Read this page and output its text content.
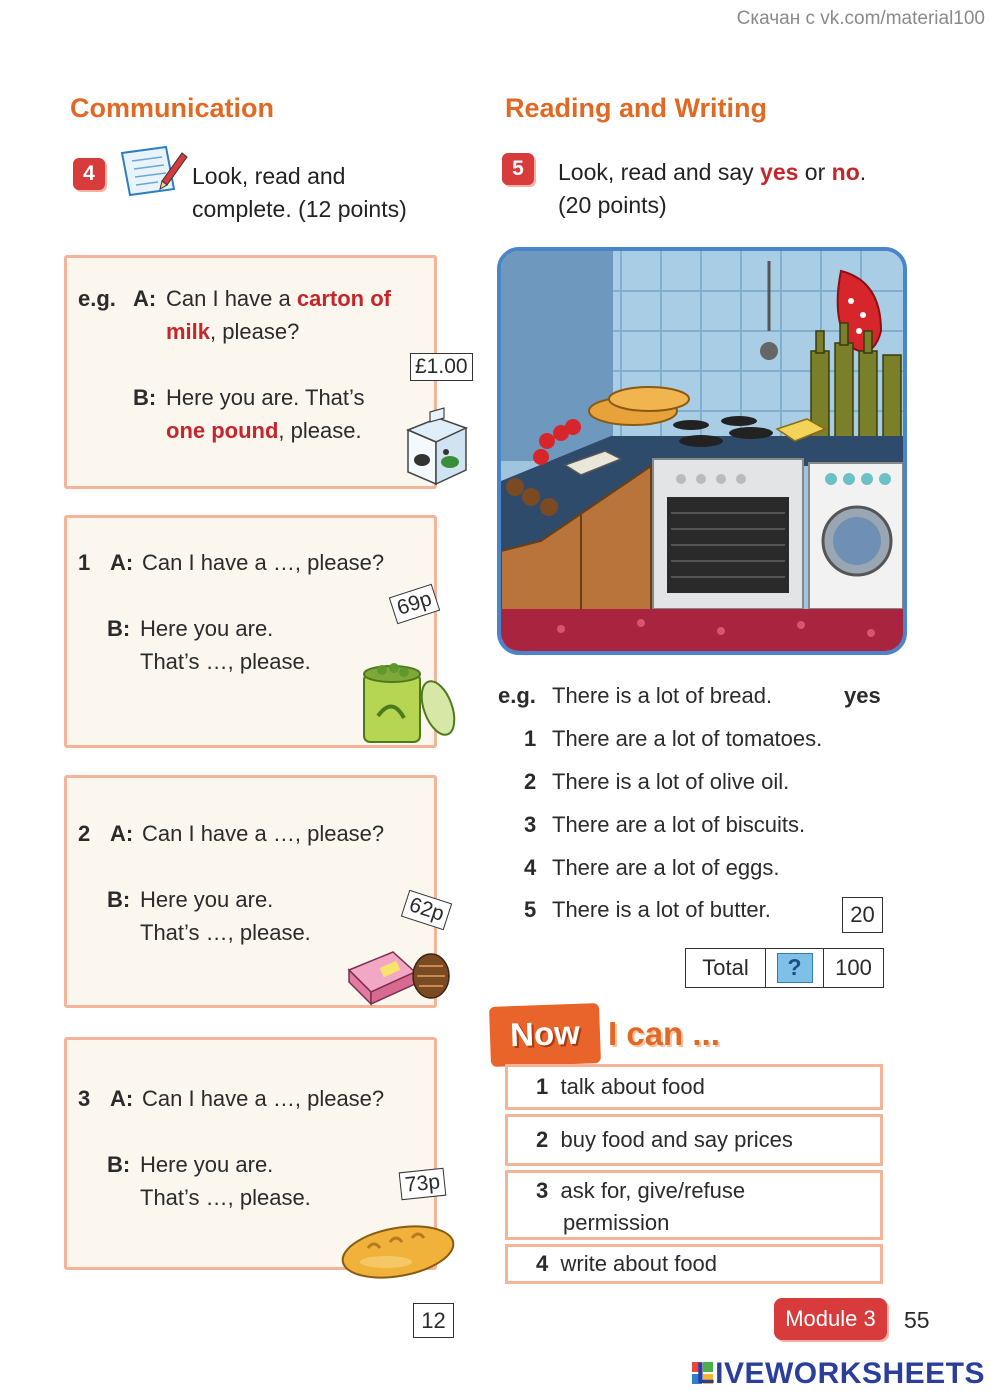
Скачан с vk.com/material100
Communication
4	Look, read and
complete. (12 points)
e.g. A: Can I have a carton of
milk, please?
B: Here you are. That’s
one pound, please.
£1.00
1 A: Can I have a …, please?
B: Here you are.
That’s …, please.
69p
2 A: Can I have a …, please?
B: Here you are.
That’s …, please.
62p
3 A: Can I have a …, please?
B: Here you are.
That’s …, please.
73p
12
Reading and Writing
5	Look, read and say yes or no.
(20 points)
e.g. There is a lot of bread.	yes
1 There are a lot of tomatoes.
2 There is a lot of olive oil.
3 There are a lot of biscuits.
4 There are a lot of eggs.
5 There is a lot of butter.	20
Total	?	100
Now I can ...
1 talk about food
2 buy food and say prices
3 ask for, give/refuse
permission
4 write about food
Module 3	55
LIVEWORKSHEETS
